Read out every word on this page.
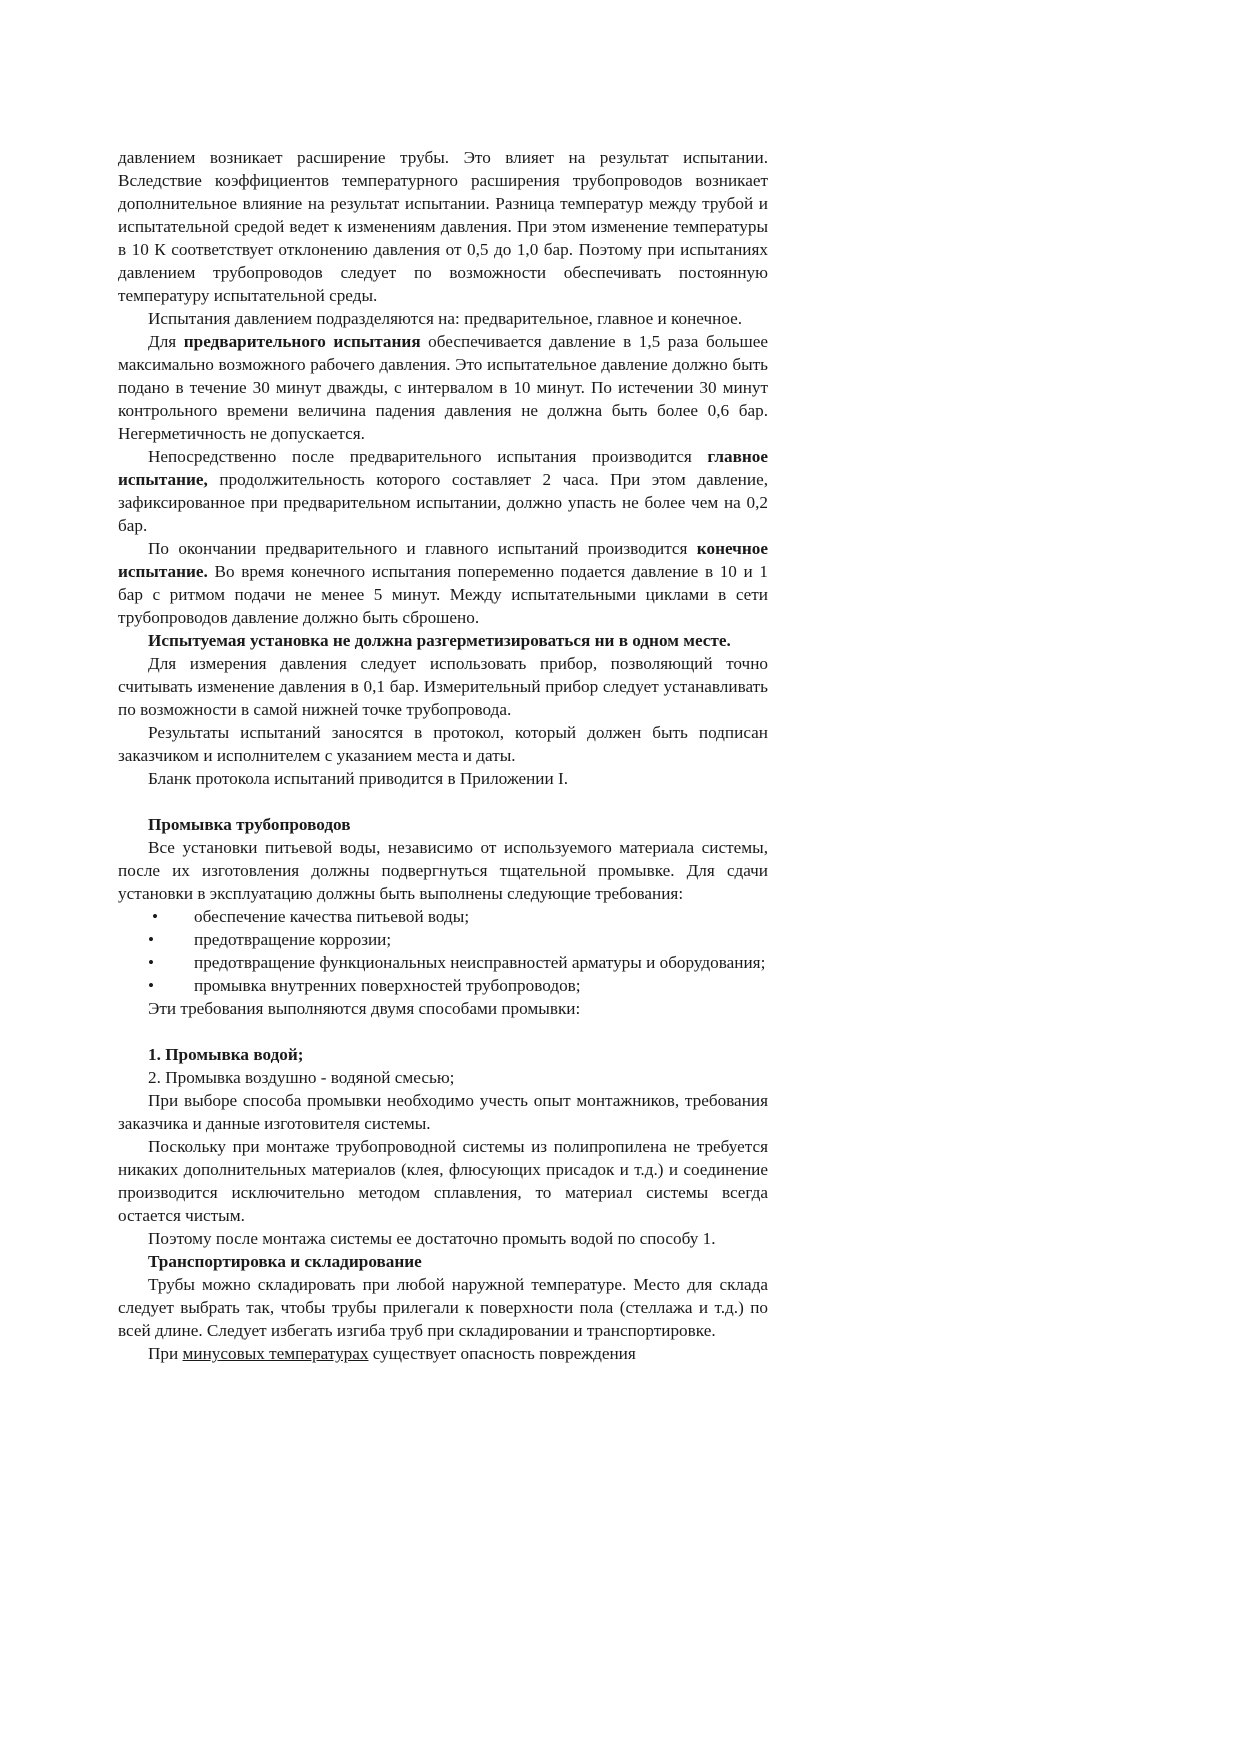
давлением возникает расширение трубы. Это влияет на результат испытании. Вследствие коэффициентов температурного расширения трубопроводов возникает дополнительное влияние на результат испытании. Разница температур между трубой и испытательной средой ведет к изменениям давления. При этом изменение температуры в 10 К соответствует отклонению давления от 0,5 до 1,0 бар. Поэтому при испытаниях давлением трубопроводов следует по возможности обеспечивать постоянную температуру испытательной среды.

Испытания давлением подразделяются на: предварительное, главное и конечное.

Для предварительного испытания обеспечивается давление в 1,5 раза большее максимально возможного рабочего давления. Это испытательное давление должно быть подано в течение 30 минут дважды, с интервалом в 10 минут. По истечении 30 минут контрольного времени величина падения давления не должна быть более 0,6 бар. Негерметичность не допускается.

Непосредственно после предварительного испытания производится главное испытание, продолжительность которого составляет 2 часа. При этом давление, зафиксированное при предварительном испытании, должно упасть не более чем на 0,2 бар.

По окончании предварительного и главного испытаний производится конечное испытание. Во время конечного испытания попеременно подается давление в 10 и 1 бар с ритмом подачи не менее 5 минут. Между испытательными циклами в сети трубопроводов давление должно быть сброшено.

Испытуемая установка не должна разгерметизироваться ни в одном месте.

Для измерения давления следует использовать прибор, позволяющий точно считывать изменение давления в 0,1 бар. Измерительный прибор следует устанавливать по возможности в самой нижней точке трубопровода.

Результаты испытаний заносятся в протокол, который должен быть подписан заказчиком и исполнителем с указанием места и даты.

Бланк протокола испытаний приводится в Приложении I.

Промывка трубопроводов

Все установки питьевой воды, независимо от используемого материала системы, после их изготовления должны подвергнуться тщательной промывке. Для сдачи установки в эксплуатацию должны быть выполнены следующие требования:

• обеспечение качества питьевой воды;

• предотвращение коррозии;

• предотвращение функциональных неисправностей арматуры и оборудования;

• промывка внутренних поверхностей трубопроводов;

Эти требования выполняются двумя способами промывки:

1. Промывка водой;

2. Промывка воздушно - водяной смесью;

При выборе способа промывки необходимо учесть опыт монтажников, требования заказчика и данные изготовителя системы.

Поскольку при монтаже трубопроводной системы из полипропилена не требуется никаких дополнительных материалов (клея, флюсующих присадок и т.д.) и соединение производится исключительно методом сплавления, то материал системы всегда остается чистым.

Поэтому после монтажа системы ее достаточно промыть водой по способу 1.

Транспортировка и складирование

Трубы можно складировать при любой наружной температуре. Место для склада следует выбрать так, чтобы трубы прилегали к поверхности пола (стеллажа и т.д.) по всей длине. Следует избегать изгиба труб при складировании и транспортировке.

При минусовых температурах существует опасность повреждения
